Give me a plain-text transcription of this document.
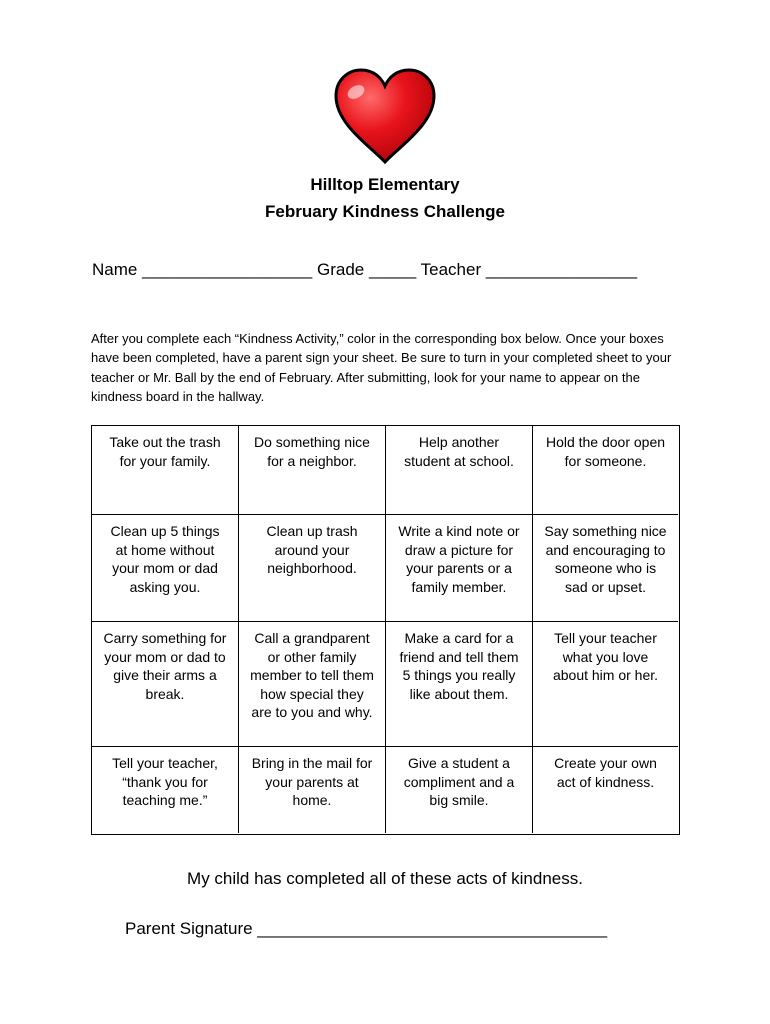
Hilltop Elementary
February Kindness Challenge
Name __________________ Grade _____ Teacher ________________
After you complete each “Kindness Activity,” color in the corresponding box below. Once your boxes have been completed, have a parent sign your sheet. Be sure to turn in your completed sheet to your teacher or Mr. Ball by the end of February. After submitting, look for your name to appear on the kindness board in the hallway.
Take out the trash
for your family.
Do something nice
for a neighbor.
Help another
student at school.
Hold the door open
for someone.
Clean up 5 things
at home without
your mom or dad
asking you.
Clean up trash
around your
neighborhood.
Write a kind note or
draw a picture for
your parents or a
family member.
Say something nice
and encouraging to
someone who is
sad or upset.
Carry something for
your mom or dad to
give their arms a
break.
Call a grandparent
or other family
member to tell them
how special they
are to you and why.
Make a card for a
friend and tell them
5 things you really
like about them.
Tell your teacher
what you love
about him or her.
Tell your teacher,
“thank you for
teaching me.”
Bring in the mail for
your parents at
home.
Give a student a
compliment and a
big smile.
Create your own
act of kindness.
My child has completed all of these acts of kindness.
Parent Signature _____________________________________
